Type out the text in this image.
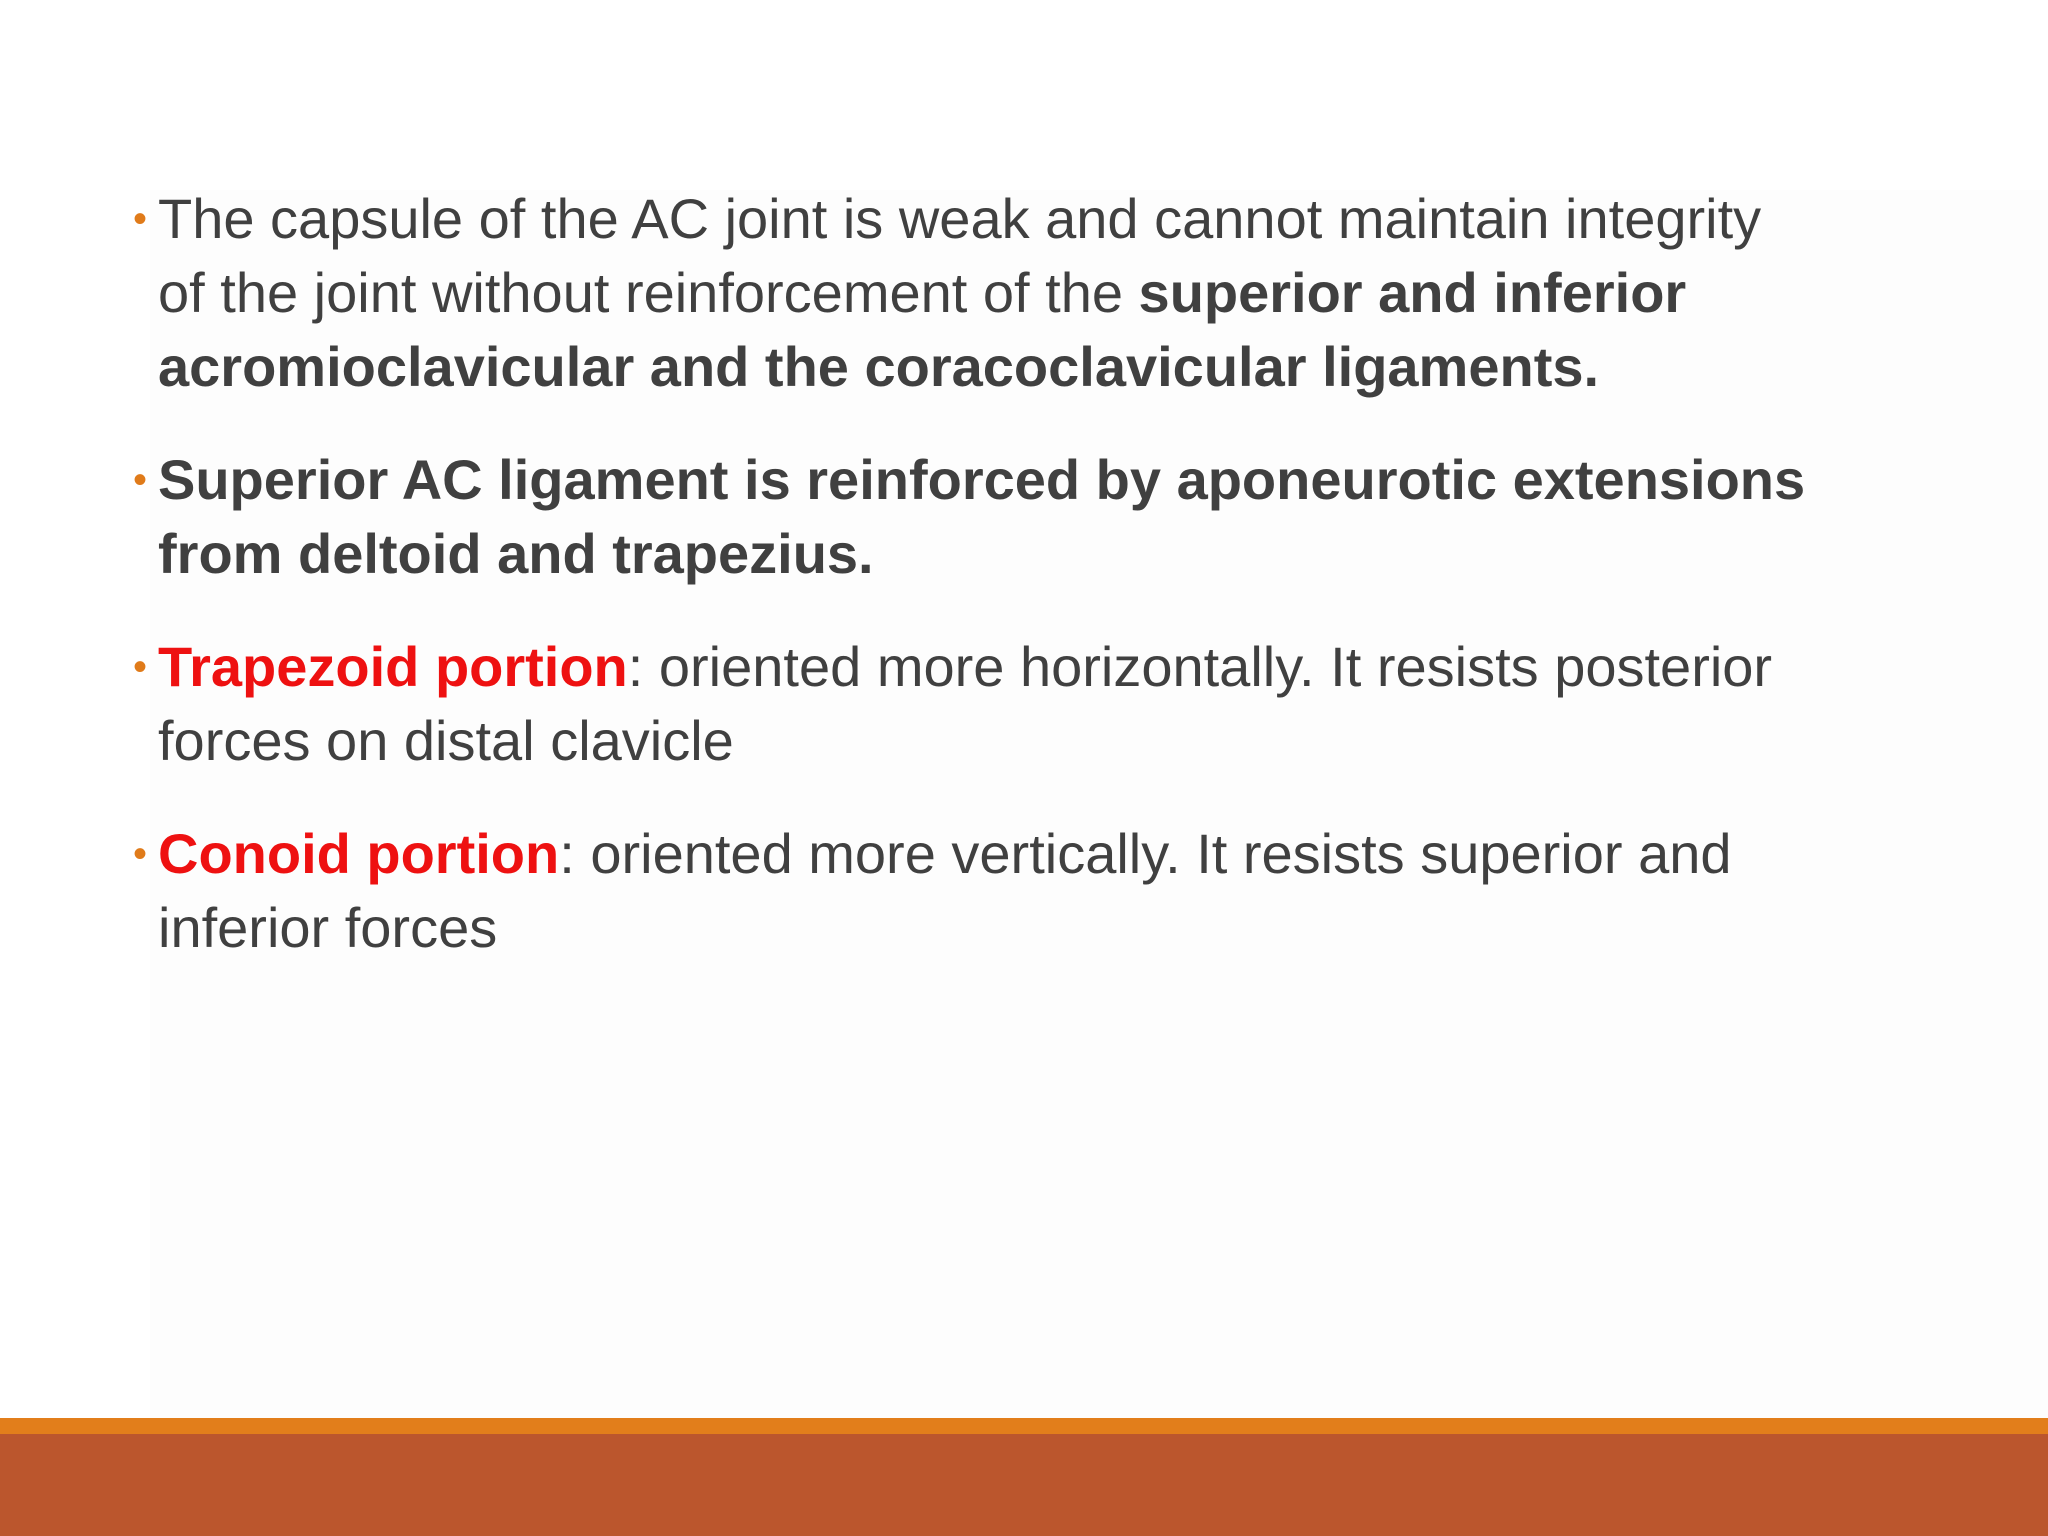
• The capsule of the AC joint is weak and cannot maintain integrity of the joint without reinforcement of the superior and inferior acromioclavicular and the coracoclavicular ligaments.
• Superior AC ligament is reinforced by aponeurotic extensions from deltoid and trapezius.
• Trapezoid portion: oriented more horizontally. It resists posterior forces on distal clavicle
• Conoid portion: oriented more vertically. It resists superior and inferior forces
